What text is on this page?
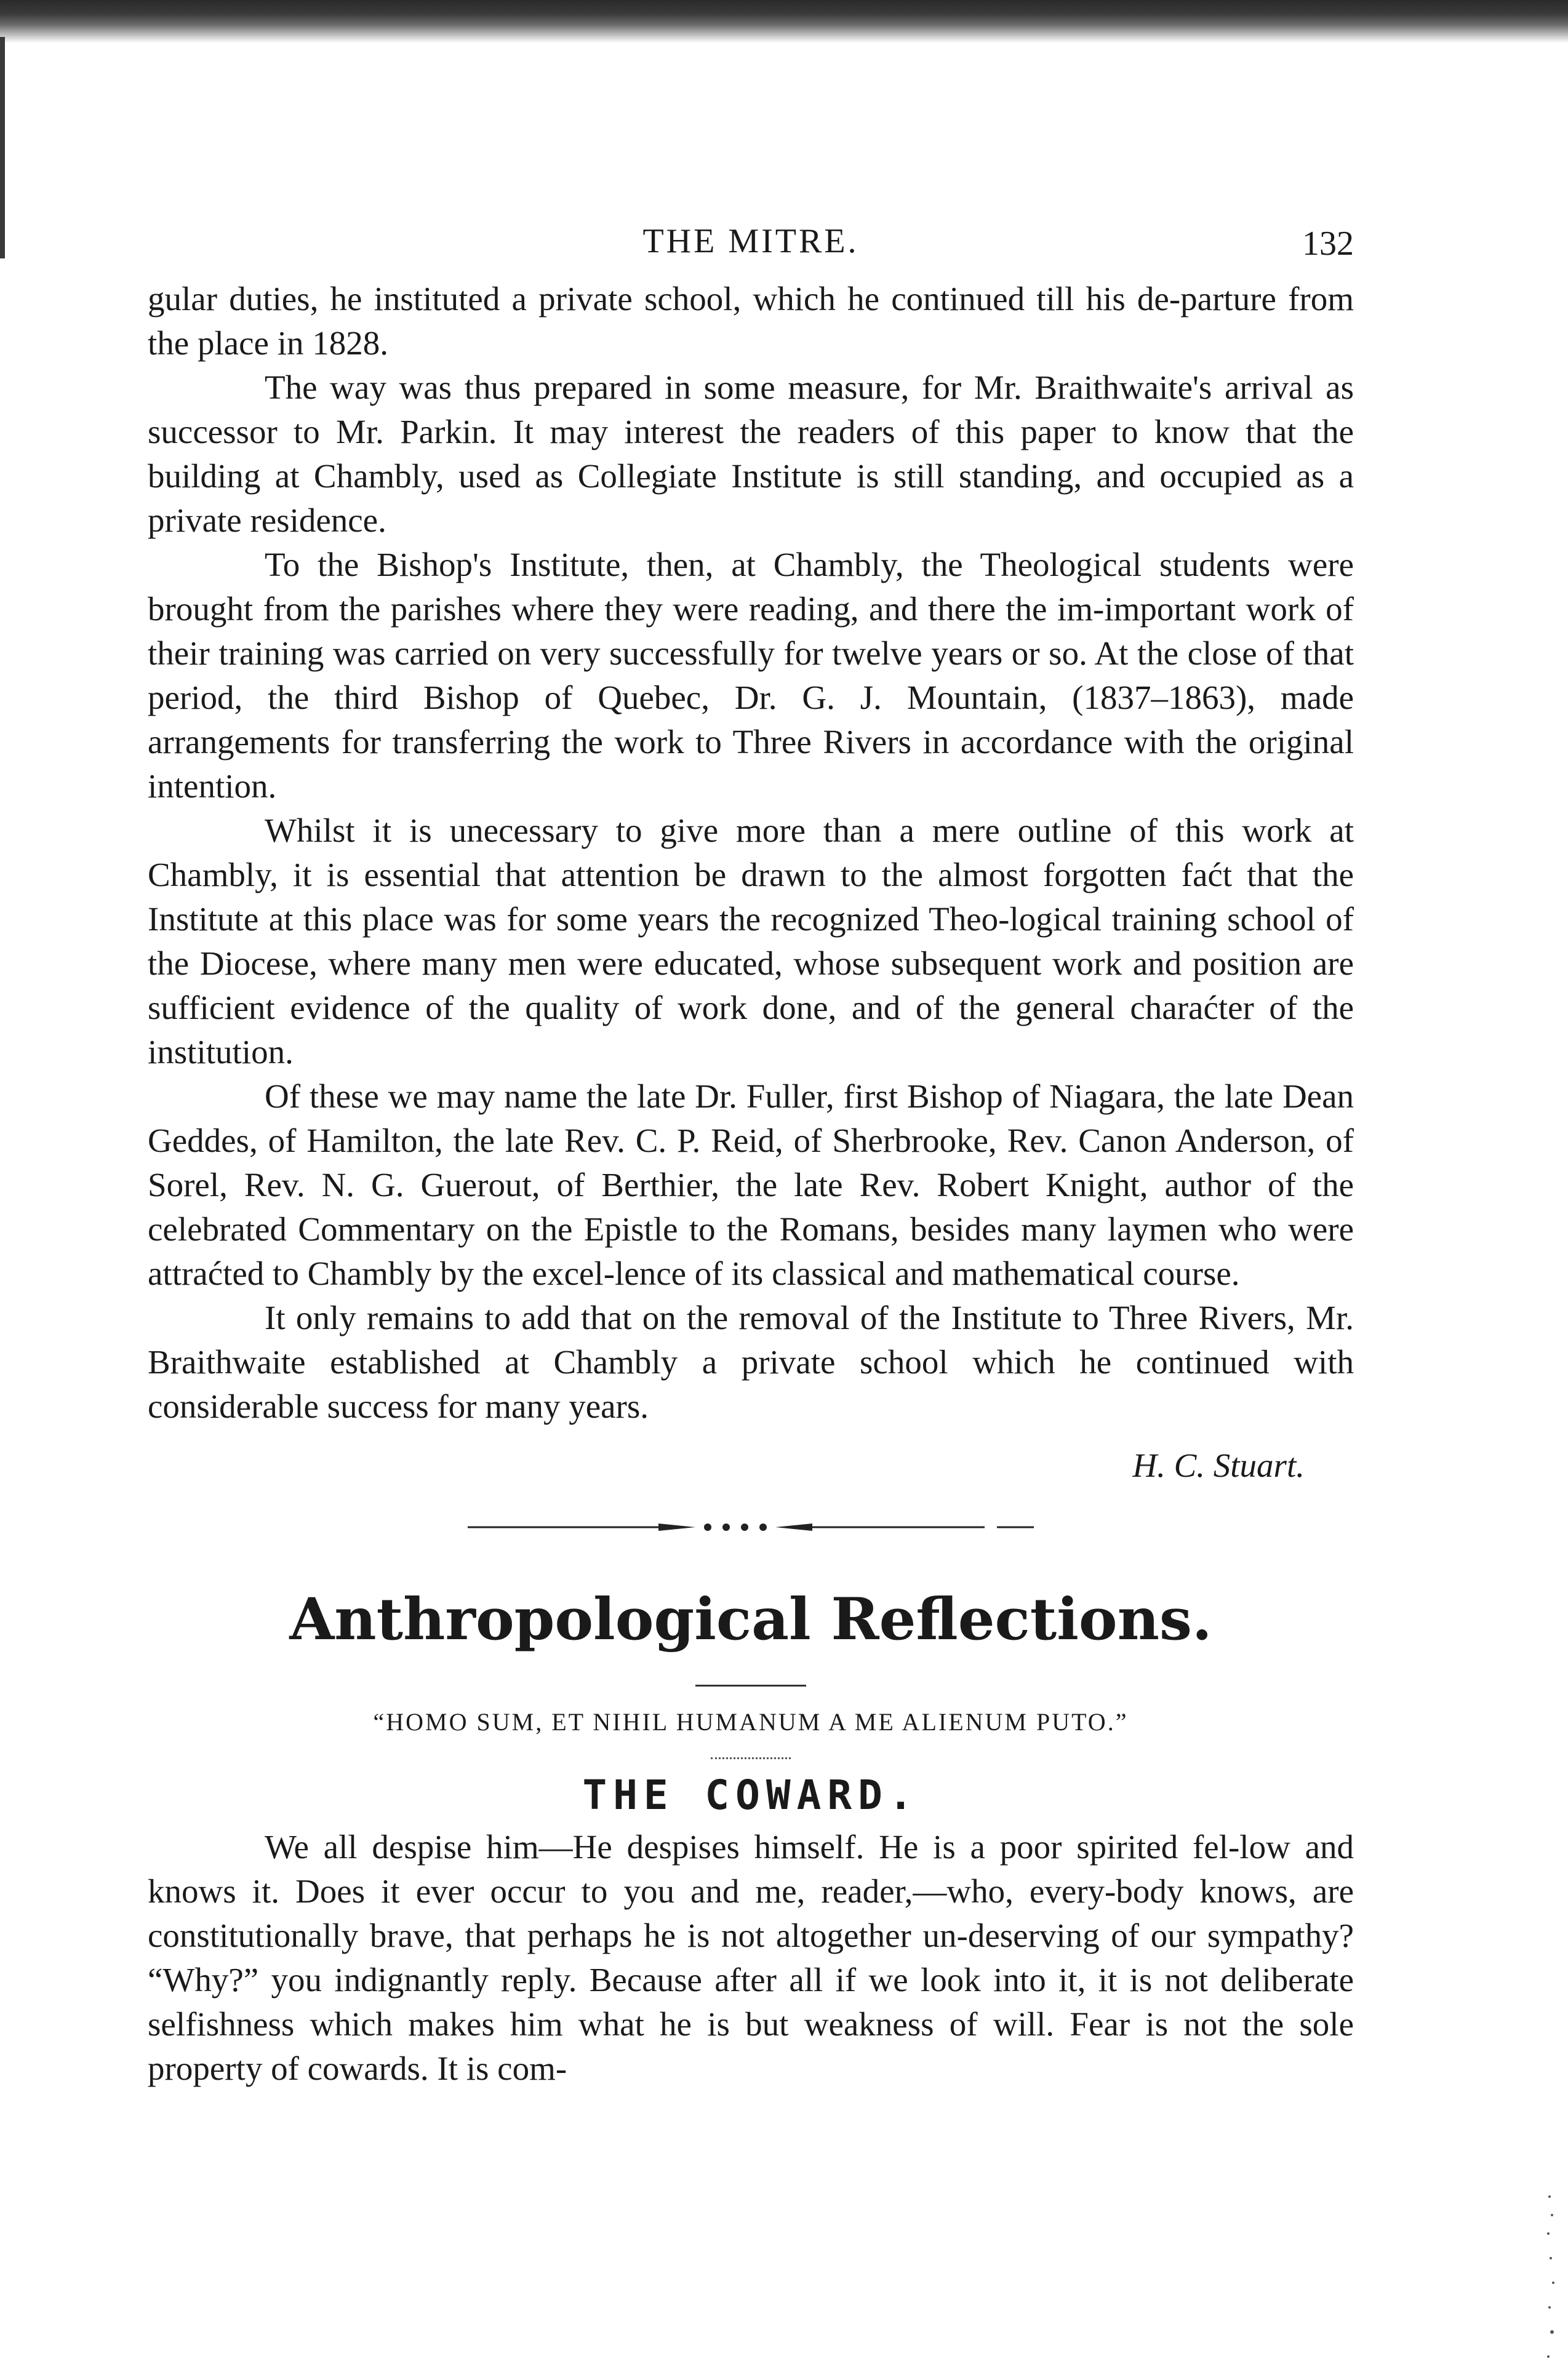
THE MITRE.	132

gular duties, he instituted a private school, which he continued till his de-parture from the place in 1828.

The way was thus prepared in some measure, for Mr. Braithwaite's arrival as successor to Mr. Parkin. It may interest the readers of this paper to know that the building at Chambly, used as Collegiate Institute is still standing, and occupied as a private residence.

To the Bishop's Institute, then, at Chambly, the Theological students were brought from the parishes where they were reading, and there the im-important work of their training was carried on very successfully for twelve years or so. At the close of that period, the third Bishop of Quebec, Dr. G. J. Mountain, (1837–1863), made arrangements for transferring the work to Three Rivers in accordance with the original intention.

Whilst it is unecessary to give more than a mere outline of this work at Chambly, it is essential that attention be drawn to the almost forgotten faćt that the Institute at this place was for some years the recognized Theo-logical training school of the Diocese, where many men were educated, whose subsequent work and position are sufficient evidence of the quality of work done, and of the general charaćter of the institution.

Of these we may name the late Dr. Fuller, first Bishop of Niagara, the late Dean Geddes, of Hamilton, the late Rev. C. P. Reid, of Sherbrooke, Rev. Canon Anderson, of Sorel, Rev. N. G. Guerout, of Berthier, the late Rev. Robert Knight, author of the celebrated Commentary on the Epistle to the Romans, besides many laymen who were attraćted to Chambly by the excel-lence of its classical and mathematical course.

It only remains to add that on the removal of the Institute to Three Rivers, Mr. Braithwaite established at Chambly a private school which he continued with considerable success for many years.

H. C. Stuart.
Anthropological Reflections.
“HOMO SUM, ET NIHIL HUMANUM A ME ALIENUM PUTO.”
THE COWARD.

We all despise him—He despises himself. He is a poor spirited fel-low and knows it. Does it ever occur to you and me, reader,—who, every-body knows, are constitutionally brave, that perhaps he is not altogether un-deserving of our sympathy? “Why?” you indignantly reply. Because after all if we look into it, it is not deliberate selfishness which makes him what he is but weakness of will. Fear is not the sole property of cowards. It is com-
